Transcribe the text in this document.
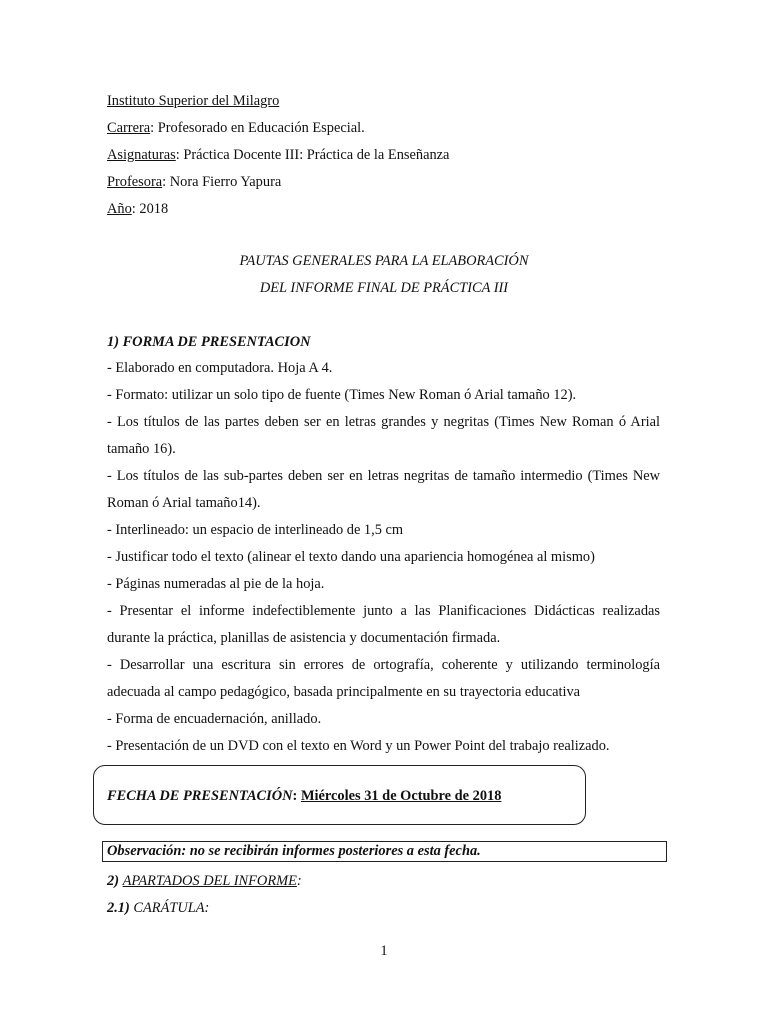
Instituto Superior del Milagro
Carrera: Profesorado en Educación Especial.
Asignaturas: Práctica Docente III: Práctica de la Enseñanza
Profesora: Nora Fierro Yapura
Año: 2018
PAUTAS GENERALES PARA LA ELABORACIÓN
DEL INFORME FINAL DE PRÁCTICA III
1) FORMA DE PRESENTACION
- Elaborado en computadora. Hoja A 4.
- Formato: utilizar un solo tipo de fuente (Times New Roman ó Arial tamaño 12).
- Los títulos de las partes deben ser en letras grandes y negritas (Times New Roman ó Arial tamaño 16).
- Los títulos de las sub-partes deben ser en letras negritas de tamaño intermedio (Times New Roman ó Arial tamaño14).
- Interlineado: un espacio de interlineado de 1,5 cm
- Justificar todo el texto (alinear el texto dando una apariencia homogénea al mismo)
- Páginas numeradas al pie de la hoja.
- Presentar el informe indefectiblemente junto a las Planificaciones Didácticas realizadas durante la práctica, planillas de asistencia y documentación firmada.
- Desarrollar una escritura sin errores de ortografía, coherente y utilizando terminología adecuada al campo pedagógico, basada principalmente en su trayectoria educativa
- Forma de encuadernación, anillado.
- Presentación de un DVD con el texto en Word y un Power Point del trabajo realizado.
FECHA DE PRESENTACIÓN: Miércoles 31 de Octubre de 2018
Observación: no se recibirán informes posteriores a esta fecha.
2) APARTADOS DEL INFORME:
2.1) CARÁTULA:
1
